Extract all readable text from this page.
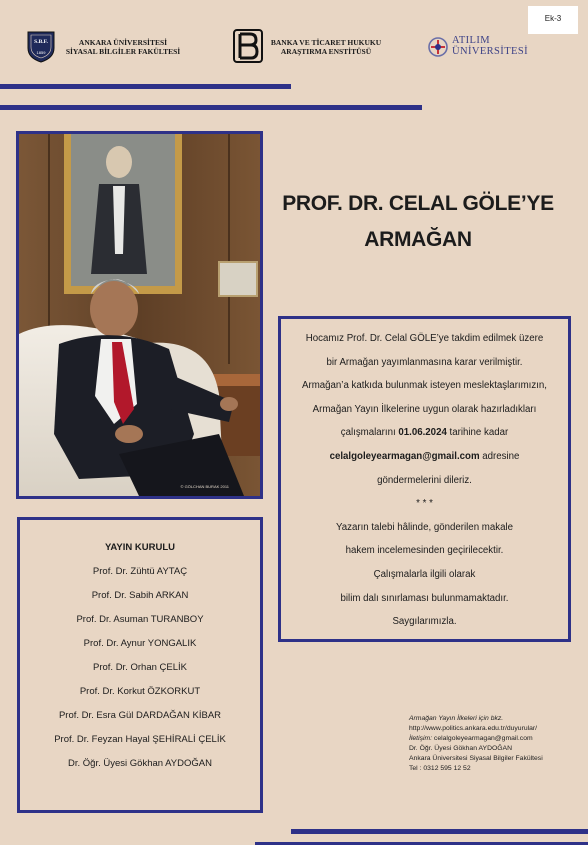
Ek-3
S.B.F.
1859
ANKARA ÜNİVERSİTESİ
SİYASAL BİLGİLER FAKÜLTESİ
BANKA VE TİCARET HUKUKU
ARAŞTIRMA ENSTİTÜSÜ
ATILIM
ÜNİVERSİTESİ
© GÖLCHAN BURAK 2011
PROF. DR. CELAL GÖLE’YE
ARMAĞAN

Hocamız Prof. Dr. Celal GÖLE’ye takdim edilmek üzere

bir Armağan yayımlanmasına karar verilmiştir.

Armağan’a katkıda bulunmak isteyen meslektaşlarımızın,

Armağan Yayın İlkelerine uygun olarak hazırladıkları

çalışmalarını 01.06.2024 tarihine kadar

celalgoleyearmagan@gmail.com adresine

göndermelerini dileriz.

* * *

Yazarın talebi hâlinde, gönderilen makale

hakem incelemesinden geçirilecektir.

Çalışmalarla ilgili olarak

bilim dalı sınırlaması bulunmamaktadır.

Saygılarımızla.

YAYIN KURULU

Prof. Dr. Zühtü AYTAÇ

Prof. Dr. Sabih ARKAN

Prof. Dr. Asuman TURANBOY

Prof. Dr. Aynur YONGALIK

Prof. Dr. Orhan ÇELİK

Prof. Dr. Korkut ÖZKORKUT

Prof. Dr. Esra Gül DARDAĞAN KİBAR

Prof. Dr. Feyzan Hayal ŞEHİRALİ ÇELİK

Dr. Öğr. Üyesi Gökhan AYDOĞAN

Armağan Yayın İlkeleri için bkz.
http://www.politics.ankara.edu.tr/duyurular/
İletişim: celalgoleyearmagan@gmail.com
Dr. Öğr. Üyesi Gökhan AYDOĞAN
Ankara Üniversitesi Siyasal Bilgiler Fakültesi
Tel : 0312 595 12 52
